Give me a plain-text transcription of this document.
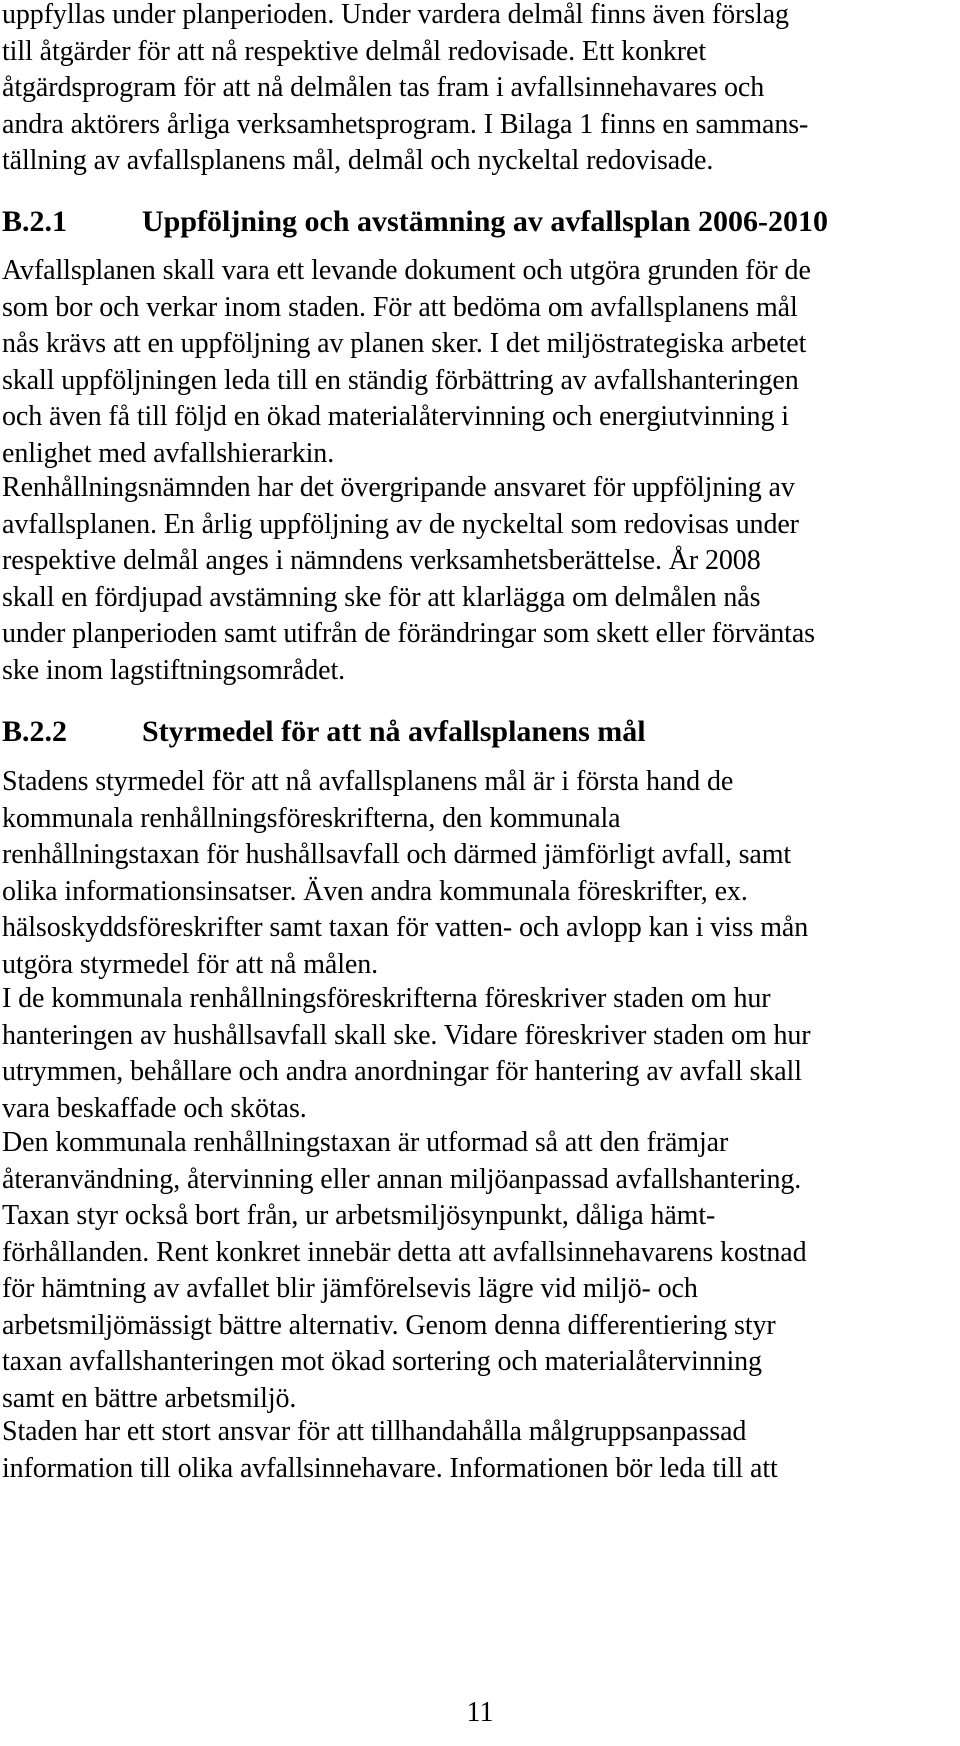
uppfyllas under planperioden. Under vardera delmål finns även förslag
till åtgärder för att nå respektive delmål redovisade. Ett konkret
åtgärdsprogram för att nå delmålen tas fram i avfallsinnehavares och
andra aktörers årliga verksamhetsprogram. I Bilaga 1 finns en sammans-
tällning av avfallsplanens mål, delmål och nyckeltal redovisade.
B.2.1 Uppföljning och avstämning av avfallsplan 2006-2010
Avfallsplanen skall vara ett levande dokument och utgöra grunden för de
som bor och verkar inom staden. För att bedöma om avfallsplanens mål
nås krävs att en uppföljning av planen sker. I det miljöstrategiska arbetet
skall uppföljningen leda till en ständig förbättring av avfallshanteringen
och även få till följd en ökad materialåtervinning och energiutvinning i
enlighet med avfallshierarkin.
Renhållningsnämnden har det övergripande ansvaret för uppföljning av
avfallsplanen. En årlig uppföljning av de nyckeltal som redovisas under
respektive delmål anges i nämndens verksamhetsberättelse. År 2008
skall en fördjupad avstämning ske för att klarlägga om delmålen nås
under planperioden samt utifrån de förändringar som skett eller förväntas
ske inom lagstiftningsområdet.
B.2.2 Styrmedel för att nå avfallsplanens mål
Stadens styrmedel för att nå avfallsplanens mål är i första hand de
kommunala renhållningsföreskrifterna, den kommunala
renhållningstaxan för hushållsavfall och därmed jämförligt avfall, samt
olika informationsinsatser. Även andra kommunala föreskrifter, ex.
hälsoskyddsföreskrifter samt taxan för vatten- och avlopp kan i viss mån
utgöra styrmedel för att nå målen.
I de kommunala renhållningsföreskrifterna föreskriver staden om hur
hanteringen av hushållsavfall skall ske. Vidare föreskriver staden om hur
utrymmen, behållare och andra anordningar för hantering av avfall skall
vara beskaffade och skötas.
Den kommunala renhållningstaxan är utformad så att den främjar
återanvändning, återvinning eller annan miljöanpassad avfallshantering.
Taxan styr också bort från, ur arbetsmiljösynpunkt, dåliga hämt-
förhållanden. Rent konkret innebär detta att avfallsinnehavarens kostnad
för hämtning av avfallet blir jämförelsevis lägre vid miljö- och
arbetsmiljömässigt bättre alternativ. Genom denna differentiering styr
taxan avfallshanteringen mot ökad sortering och materialåtervinning
samt en bättre arbetsmiljö.
Staden har ett stort ansvar för att tillhandahålla målgruppsanpassad
information till olika avfallsinnehavare. Informationen bör leda till att
11
